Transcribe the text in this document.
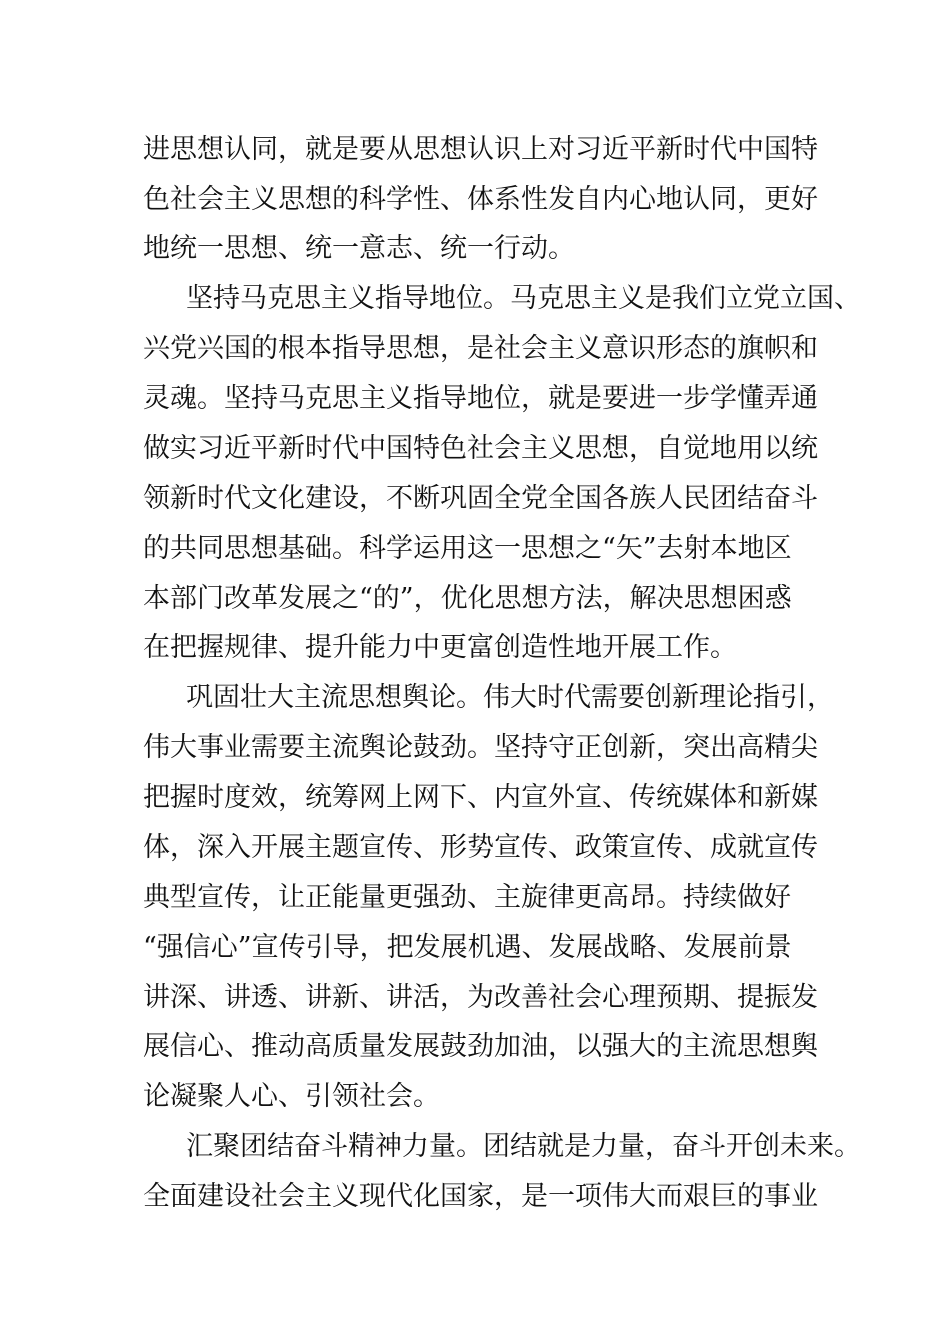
进思想认同，就是要从思想认识上对习近平新时代中国特
色社会主义思想的科学性、体系性发自内心地认同，更好
地统一思想、统一意志、统一行动。
坚持马克思主义指导地位。马克思主义是我们立党立国、
兴党兴国的根本指导思想，是社会主义意识形态的旗帜和
灵魂。坚持马克思主义指导地位，就是要进一步学懂弄通
做实习近平新时代中国特色社会主义思想，自觉地用以统
领新时代文化建设，不断巩固全党全国各族人民团结奋斗
的共同思想基础。科学运用这一思想之“矢”去射本地区
本部门改革发展之“的”，优化思想方法，解决思想困惑
在把握规律、提升能力中更富创造性地开展工作。
巩固壮大主流思想舆论。伟大时代需要创新理论指引，
伟大事业需要主流舆论鼓劲。坚持守正创新，突出高精尖
把握时度效，统筹网上网下、内宣外宣、传统媒体和新媒
体，深入开展主题宣传、形势宣传、政策宣传、成就宣传
典型宣传，让正能量更强劲、主旋律更高昂。持续做好
“强信心”宣传引导，把发展机遇、发展战略、发展前景
讲深、讲透、讲新、讲活，为改善社会心理预期、提振发
展信心、推动高质量发展鼓劲加油，以强大的主流思想舆
论凝聚人心、引领社会。
汇聚团结奋斗精神力量。团结就是力量，奋斗开创未来。
全面建设社会主义现代化国家，是一项伟大而艰巨的事业
